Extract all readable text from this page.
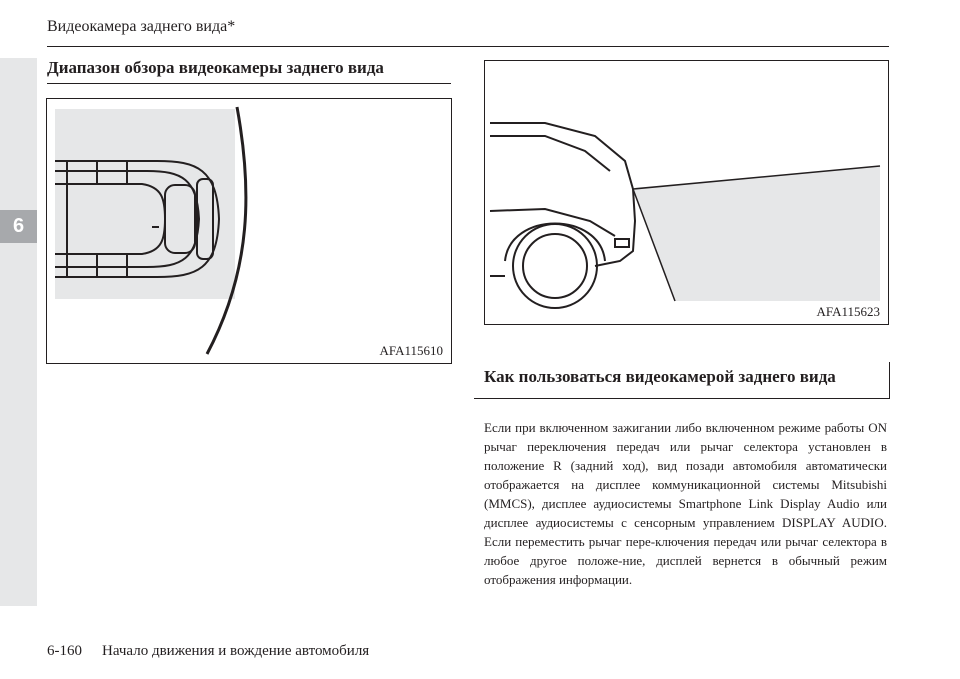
6
Видеокамера заднего вида*
Диапазон обзора видеокамеры заднего вида
AFA115610
AFA115623
Как пользоваться видеокамерой заднего вида

Если при включенном зажигании либо включенном режиме работы ON рычаг переключения передач или рычаг селектора установлен в положение R (задний ход), вид позади автомобиля автоматически отображается на дисплее коммуникационной системы Mitsubishi (MMCS), дисплее аудиосистемы Smartphone Link Display Audio или дисплее аудиосистемы с сенсорным управлением DISPLAY AUDIO. Если переместить рычаг пере-ключения передач или рычаг селектора в любое другое положе-ние, дисплей вернется в обычный режим отображения информации.

6-160 Начало движения и вождение автомобиля
